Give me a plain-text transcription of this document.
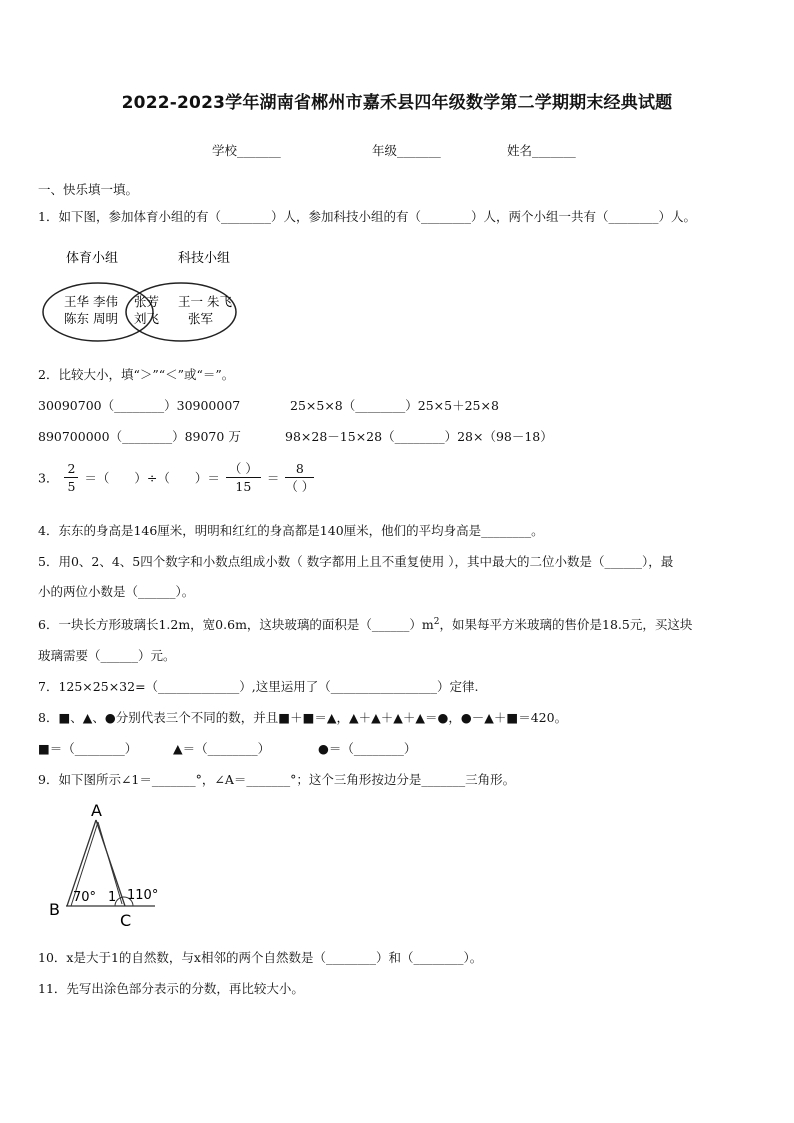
2022-2023学年湖南省郴州市嘉禾县四年级数学第二学期期末经典试题
学校_______	年级_______	姓名_______
一、快乐填一填。
1．如下图，参加体育小组的有（________）人，参加科技小组的有（________）人，两个小组一共有（________）人。
体育小组	科技小组
王华 李伟
陈东 周明
张芳
刘飞
王一 朱飞
张军
2．比较大小，填“＞”“＜”或“＝”。
30090700（________）30900007	25×5×8（________）25×5＋25×8
890700000（________）89070 万	98×28－15×28（________）28×（98－18）
3． $\frac{2}{5}$ ＝（　　）÷（　　）＝ $\frac{( )}{15} = \frac{8}{( )}$
4．东东的身高是146厘米，明明和红红的身高都是140厘米，他们的平均身高是________。
5．用0、2、4、5四个数字和小数点组成小数（ 数字都用上且不重复使用 ），其中最大的二位小数是（______），最
小的两位小数是（______）。
6．一块长方形玻璃长1.2m，宽0.6m，这块玻璃的面积是$(\_\_\_\_\_\_)m^2$，如果每平方米玻璃的售价是18.5元，买这块
玻璃需要（______）元。
7．125×25×32=（_____________）,这里运用了（_________________）定律.
8．■、▲、●分别代表三个不同的数，并且■＋■＝▲，▲＋▲＋▲＋▲＝●，●－▲＋■＝420。
■＝（________）	▲＝（________）	●＝（________）
9．如下图所示∠1＝_______°，∠A＝_______°；这个三角形按边分是_______三角形。
A
B
C
70° 1 110°
10．x是大于1的自然数，与x相邻的两个自然数是（________）和（________）。
11．先写出涂色部分表示的分数，再比较大小。
